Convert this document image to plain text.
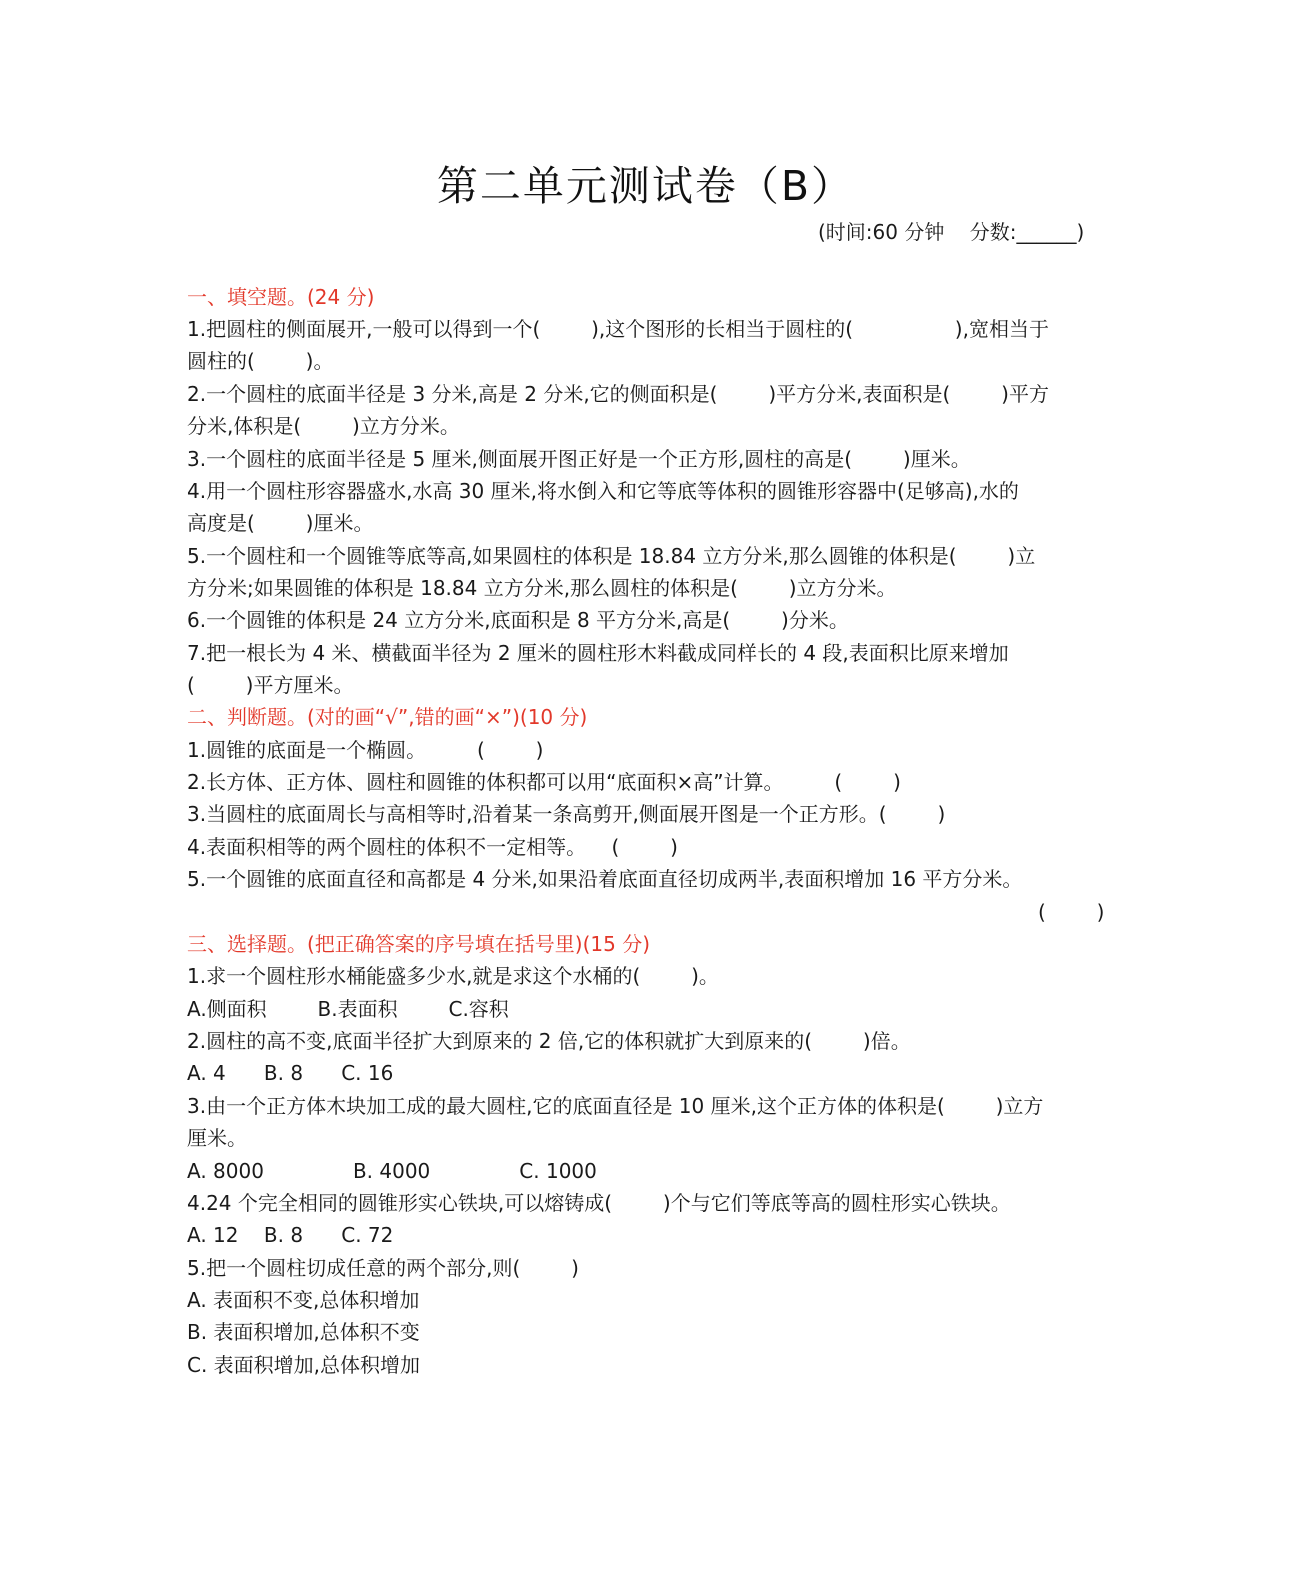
第二单元测试卷（B）
(时间:60 分钟    分数:______)
一、填空题。(24 分)
1.把圆柱的侧面展开,一般可以得到一个(        ),这个图形的长相当于圆柱的(                ),宽相当于
圆柱的(        )。
2.一个圆柱的底面半径是 3 分米,高是 2 分米,它的侧面积是(        )平方分米,表面积是(        )平方
分米,体积是(        )立方分米。
3.一个圆柱的底面半径是 5 厘米,侧面展开图正好是一个正方形,圆柱的高是(        )厘米。
4.用一个圆柱形容器盛水,水高 30 厘米,将水倒入和它等底等体积的圆锥形容器中(足够高),水的
高度是(        )厘米。
5.一个圆柱和一个圆锥等底等高,如果圆柱的体积是 18.84 立方分米,那么圆锥的体积是(        )立
方分米;如果圆锥的体积是 18.84 立方分米,那么圆柱的体积是(        )立方分米。
6.一个圆锥的体积是 24 立方分米,底面积是 8 平方分米,高是(        )分米。
7.把一根长为 4 米、横截面半径为 2 厘米的圆柱形木料截成同样长的 4 段,表面积比原来增加
(        )平方厘米。
二、判断题。(对的画“√”,错的画“×”)(10 分)
1.圆锥的底面是一个椭圆。        (        )
2.长方体、正方体、圆柱和圆锥的体积都可以用“底面积×高”计算。        (        )
3.当圆柱的底面周长与高相等时,沿着某一条高剪开,侧面展开图是一个正方形。(        )
4.表面积相等的两个圆柱的体积不一定相等。    (        )
5.一个圆锥的底面直径和高都是 4 分米,如果沿着底面直径切成两半,表面积增加 16 平方分米。
(        )
三、选择题。(把正确答案的序号填在括号里)(15 分)
1.求一个圆柱形水桶能盛多少水,就是求这个水桶的(        )。
A.侧面积        B.表面积        C.容积
2.圆柱的高不变,底面半径扩大到原来的 2 倍,它的体积就扩大到原来的(        )倍。
A. 4      B. 8      C. 16
3.由一个正方体木块加工成的最大圆柱,它的底面直径是 10 厘米,这个正方体的体积是(        )立方
厘米。
A. 8000              B. 4000              C. 1000
4.24 个完全相同的圆锥形实心铁块,可以熔铸成(        )个与它们等底等高的圆柱形实心铁块。
A. 12    B. 8      C. 72
5.把一个圆柱切成任意的两个部分,则(        )
A. 表面积不变,总体积增加
B. 表面积增加,总体积不变
C. 表面积增加,总体积增加
